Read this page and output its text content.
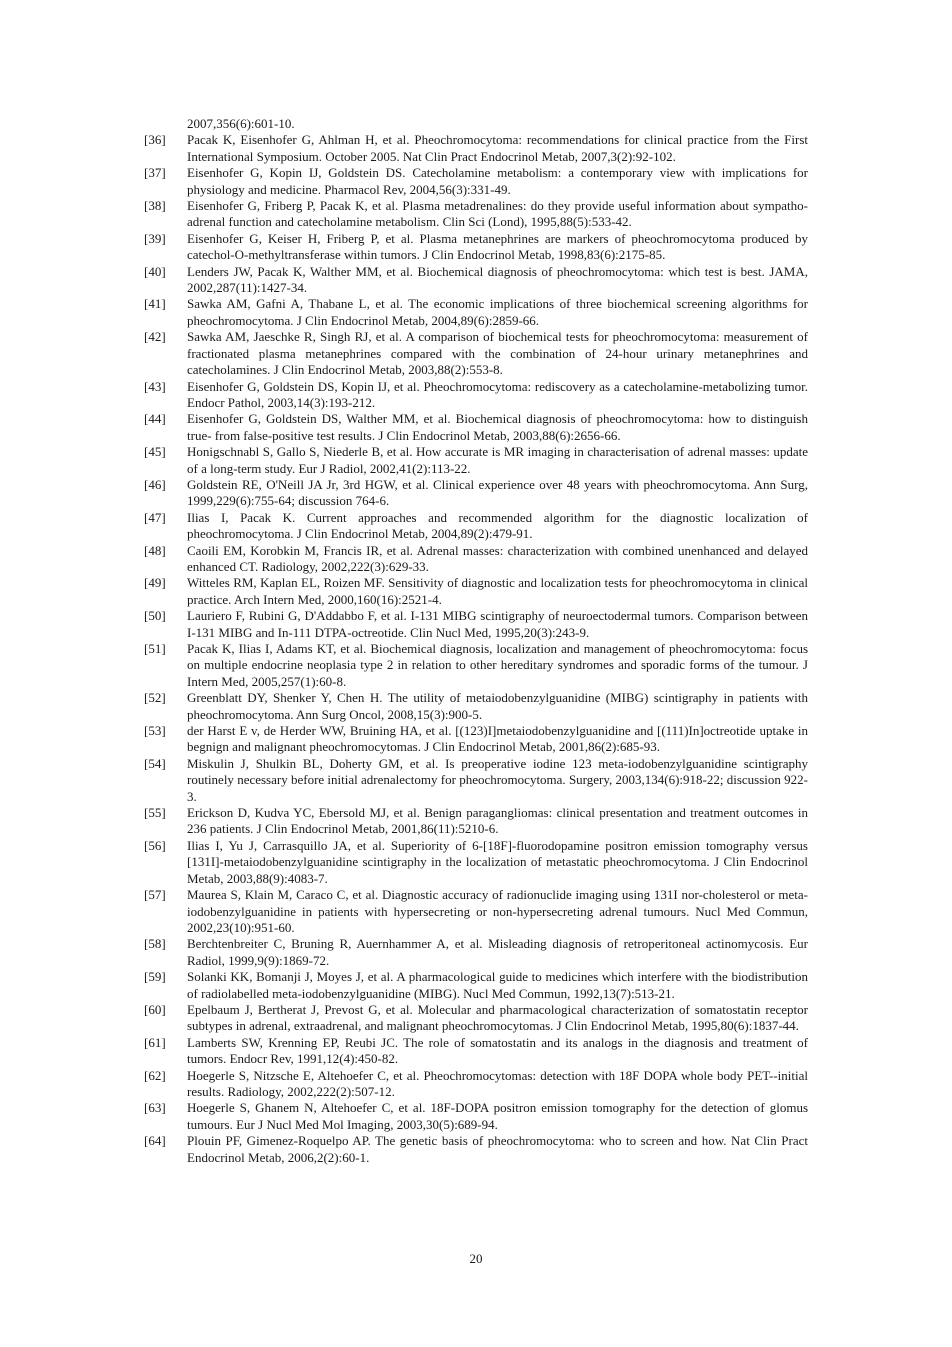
2007,356(6):601-10.
[36]	Pacak K, Eisenhofer G, Ahlman H, et al. Pheochromocytoma: recommendations for clinical practice from the First International Symposium. October 2005. Nat Clin Pract Endocrinol Metab, 2007,3(2):92-102.
[37]	Eisenhofer G, Kopin IJ, Goldstein DS. Catecholamine metabolism: a contemporary view with implications for physiology and medicine. Pharmacol Rev, 2004,56(3):331-49.
[38]	Eisenhofer G, Friberg P, Pacak K, et al. Plasma metadrenalines: do they provide useful information about sympatho-adrenal function and catecholamine metabolism. Clin Sci (Lond), 1995,88(5):533-42.
[39]	Eisenhofer G, Keiser H, Friberg P, et al. Plasma metanephrines are markers of pheochromocytoma produced by catechol-O-methyltransferase within tumors. J Clin Endocrinol Metab, 1998,83(6):2175-85.
[40]	Lenders JW, Pacak K, Walther MM, et al. Biochemical diagnosis of pheochromocytoma: which test is best. JAMA, 2002,287(11):1427-34.
[41]	Sawka AM, Gafni A, Thabane L, et al. The economic implications of three biochemical screening algorithms for pheochromocytoma. J Clin Endocrinol Metab, 2004,89(6):2859-66.
[42]	Sawka AM, Jaeschke R, Singh RJ, et al. A comparison of biochemical tests for pheochromocytoma: measurement of fractionated plasma metanephrines compared with the combination of 24-hour urinary metanephrines and catecholamines. J Clin Endocrinol Metab, 2003,88(2):553-8.
[43]	Eisenhofer G, Goldstein DS, Kopin IJ, et al. Pheochromocytoma: rediscovery as a catecholamine-metabolizing tumor. Endocr Pathol, 2003,14(3):193-212.
[44]	Eisenhofer G, Goldstein DS, Walther MM, et al. Biochemical diagnosis of pheochromocytoma: how to distinguish true- from false-positive test results. J Clin Endocrinol Metab, 2003,88(6):2656-66.
[45]	Honigschnabl S, Gallo S, Niederle B, et al. How accurate is MR imaging in characterisation of adrenal masses: update of a long-term study. Eur J Radiol, 2002,41(2):113-22.
[46]	Goldstein RE, O'Neill JA Jr, 3rd HGW, et al. Clinical experience over 48 years with pheochromocytoma. Ann Surg, 1999,229(6):755-64; discussion 764-6.
[47]	Ilias I, Pacak K. Current approaches and recommended algorithm for the diagnostic localization of pheochromocytoma. J Clin Endocrinol Metab, 2004,89(2):479-91.
[48]	Caoili EM, Korobkin M, Francis IR, et al. Adrenal masses: characterization with combined unenhanced and delayed enhanced CT. Radiology, 2002,222(3):629-33.
[49]	Witteles RM, Kaplan EL, Roizen MF. Sensitivity of diagnostic and localization tests for pheochromocytoma in clinical practice. Arch Intern Med, 2000,160(16):2521-4.
[50]	Lauriero F, Rubini G, D'Addabbo F, et al. I-131 MIBG scintigraphy of neuroectodermal tumors. Comparison between I-131 MIBG and In-111 DTPA-octreotide. Clin Nucl Med, 1995,20(3):243-9.
[51]	Pacak K, Ilias I, Adams KT, et al. Biochemical diagnosis, localization and management of pheochromocytoma: focus on multiple endocrine neoplasia type 2 in relation to other hereditary syndromes and sporadic forms of the tumour. J Intern Med, 2005,257(1):60-8.
[52]	Greenblatt DY, Shenker Y, Chen H. The utility of metaiodobenzylguanidine (MIBG) scintigraphy in patients with pheochromocytoma. Ann Surg Oncol, 2008,15(3):900-5.
[53]	der Harst E v, de Herder WW, Bruining HA, et al. [(123)I]metaiodobenzylguanidine and [(111)In]octreotide uptake in begnign and malignant pheochromocytomas. J Clin Endocrinol Metab, 2001,86(2):685-93.
[54]	Miskulin J, Shulkin BL, Doherty GM, et al. Is preoperative iodine 123 meta-iodobenzylguanidine scintigraphy routinely necessary before initial adrenalectomy for pheochromocytoma. Surgery, 2003,134(6):918-22; discussion 922-3.
[55]	Erickson D, Kudva YC, Ebersold MJ, et al. Benign paragangliomas: clinical presentation and treatment outcomes in 236 patients. J Clin Endocrinol Metab, 2001,86(11):5210-6.
[56]	Ilias I, Yu J, Carrasquillo JA, et al. Superiority of 6-[18F]-fluorodopamine positron emission tomography versus [131I]-metaiodobenzylguanidine scintigraphy in the localization of metastatic pheochromocytoma. J Clin Endocrinol Metab, 2003,88(9):4083-7.
[57]	Maurea S, Klain M, Caraco C, et al. Diagnostic accuracy of radionuclide imaging using 131I nor-cholesterol or meta-iodobenzylguanidine in patients with hypersecreting or non-hypersecreting adrenal tumours. Nucl Med Commun, 2002,23(10):951-60.
[58]	Berchtenbreiter C, Bruning R, Auernhammer A, et al. Misleading diagnosis of retroperitoneal actinomycosis. Eur Radiol, 1999,9(9):1869-72.
[59]	Solanki KK, Bomanji J, Moyes J, et al. A pharmacological guide to medicines which interfere with the biodistribution of radiolabelled meta-iodobenzylguanidine (MIBG). Nucl Med Commun, 1992,13(7):513-21.
[60]	Epelbaum J, Bertherat J, Prevost G, et al. Molecular and pharmacological characterization of somatostatin receptor subtypes in adrenal, extraadrenal, and malignant pheochromocytomas. J Clin Endocrinol Metab, 1995,80(6):1837-44.
[61]	Lamberts SW, Krenning EP, Reubi JC. The role of somatostatin and its analogs in the diagnosis and treatment of tumors. Endocr Rev, 1991,12(4):450-82.
[62]	Hoegerle S, Nitzsche E, Altehoefer C, et al. Pheochromocytomas: detection with 18F DOPA whole body PET--initial results. Radiology, 2002,222(2):507-12.
[63]	Hoegerle S, Ghanem N, Altehoefer C, et al. 18F-DOPA positron emission tomography for the detection of glomus tumours. Eur J Nucl Med Mol Imaging, 2003,30(5):689-94.
[64]	Plouin PF, Gimenez-Roquelpo AP. The genetic basis of pheochromocytoma: who to screen and how. Nat Clin Pract Endocrinol Metab, 2006,2(2):60-1.
20
